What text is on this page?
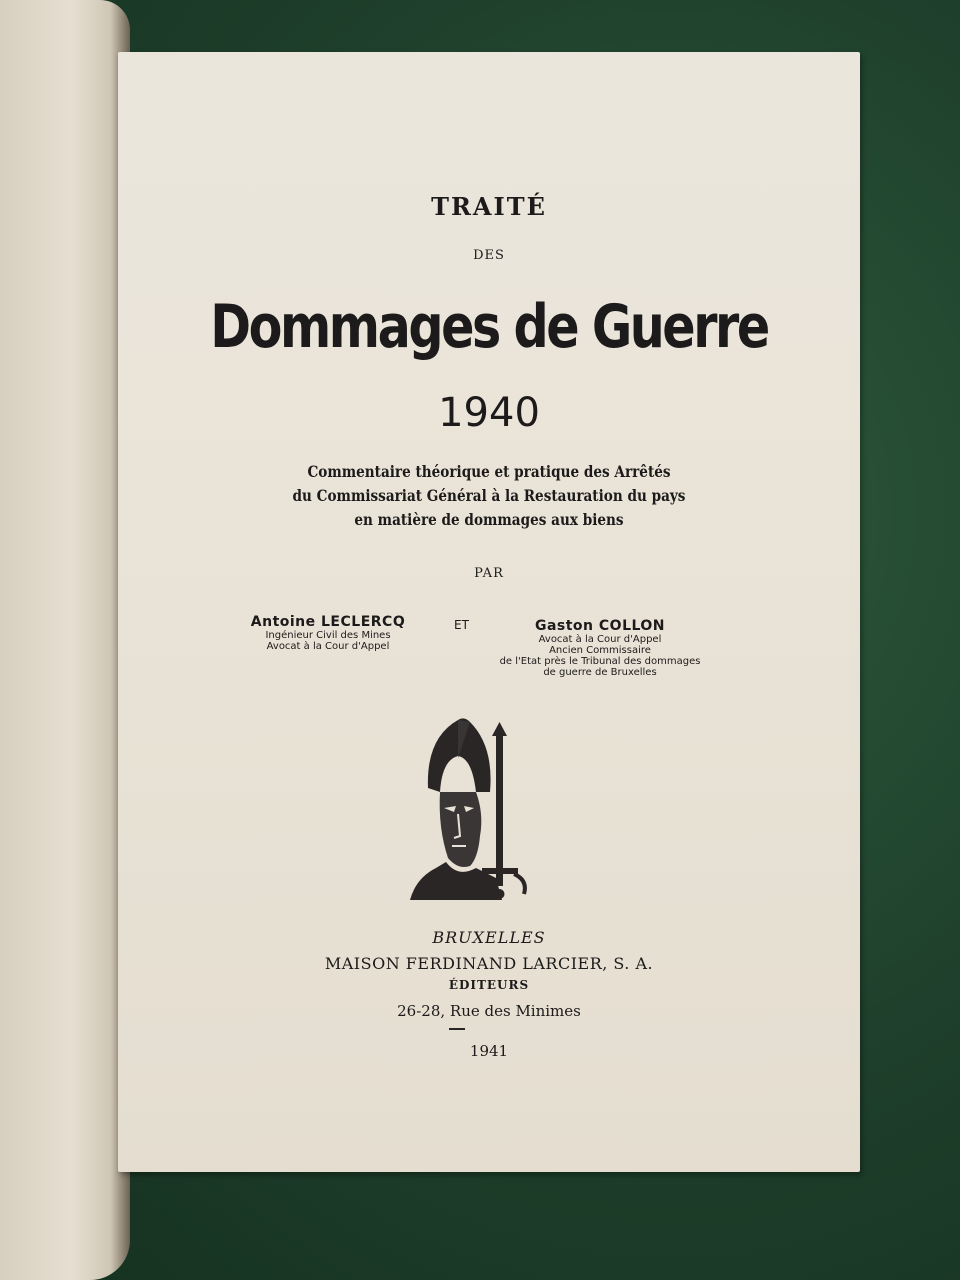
TRAITÉ
DES
Dommages de Guerre
1940
Commentaire théorique et pratique des Arrêtés
du Commissariat Général à la Restauration du pays
en matière de dommages aux biens
PAR
Antoine LECLERCQ
Ingénieur Civil des Mines
Avocat à la Cour d'Appel
ET	Gaston COLLON
Avocat à la Cour d'Appel
Ancien Commissaire
de l'Etat près le Tribunal des dommages
de guerre de Bruxelles
BRUXELLES
MAISON FERDINAND LARCIER, S. A.
ÉDITEURS
26-28, Rue des Minimes
1941
